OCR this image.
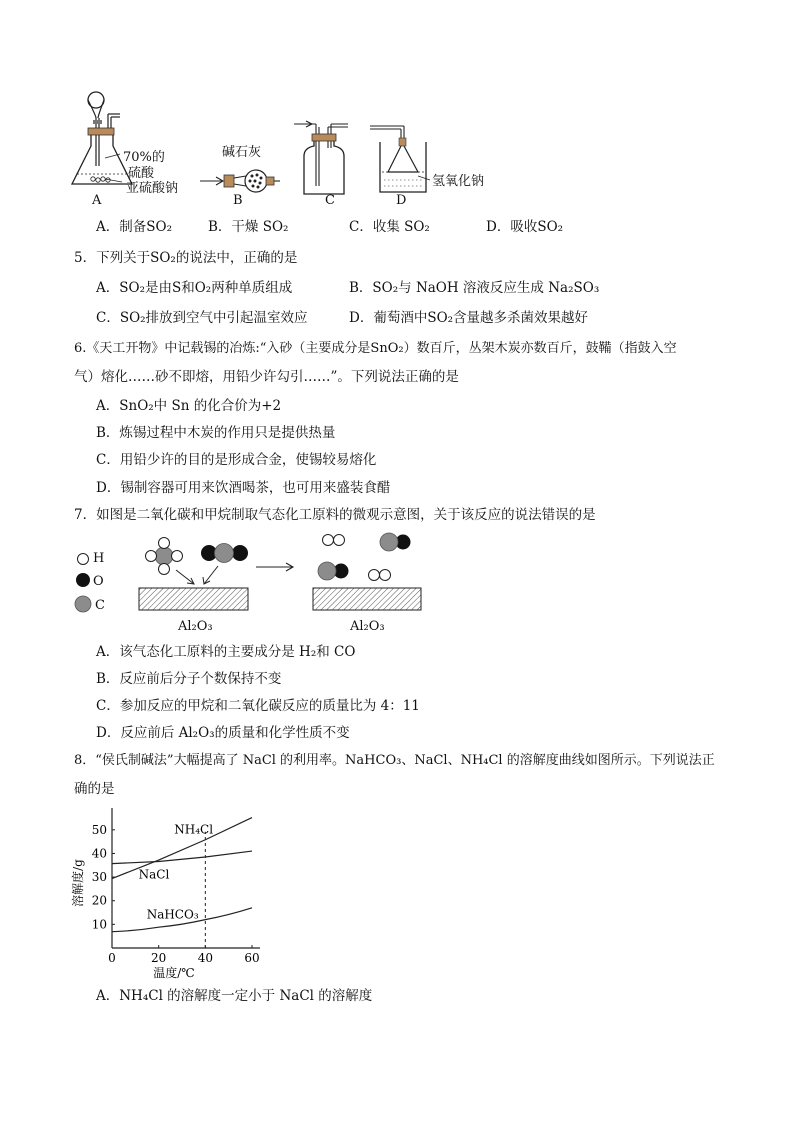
70%的
硫酸
亚硫酸钠
A
碱石灰
B	C
氢氧化钠
D
A．制备SO₂	B．干燥 SO₂	C．收集 SO₂	D．吸收SO₂
5．下列关于SO₂的说法中，正确的是
A．SO₂是由S和O₂两种单质组成	B．SO₂与 NaOH 溶液反应生成 Na₂SO₃
C．SO₂排放到空气中引起温室效应	D．葡萄酒中SO₂含量越多杀菌效果越好
6.《天工开物》中记载锡的冶炼:“入砂（主要成分是SnO₂）数百斤，丛架木炭亦数百斤，鼓鞴（指鼓入空
气）熔化……砂不即熔，用铅少许勾引……”。下列说法正确的是
A．SnO₂中 Sn 的化合价为+2
B．炼锡过程中木炭的作用只是提供热量
C．用铅少许的目的是形成合金，使锡较易熔化
D．锡制容器可用来饮酒喝茶，也可用来盛装食醋
7．如图是二氧化碳和甲烷制取气态化工原料的微观示意图，关于该反应的说法错误的是
H
O
C
Al₂O₃	Al₂O₃
A．该气态化工原料的主要成分是 H₂和 CO
B．反应前后分子个数保持不变
C．参加反应的甲烷和二氧化碳反应的质量比为 4：11
D．反应前后 Al₂O₃的质量和化学性质不变
8．“侯氏制碱法”大幅提高了 NaCl 的利用率。NaHCO₃、NaCl、NH₄Cl 的溶解度曲线如图所示。下列说法正
确的是
0	20	40	60
10
20
30
40
50
温度/℃
溶解度/g
NH₄Cl
NaCl
NaHCO₃
A．NH₄Cl 的溶解度一定小于 NaCl 的溶解度
